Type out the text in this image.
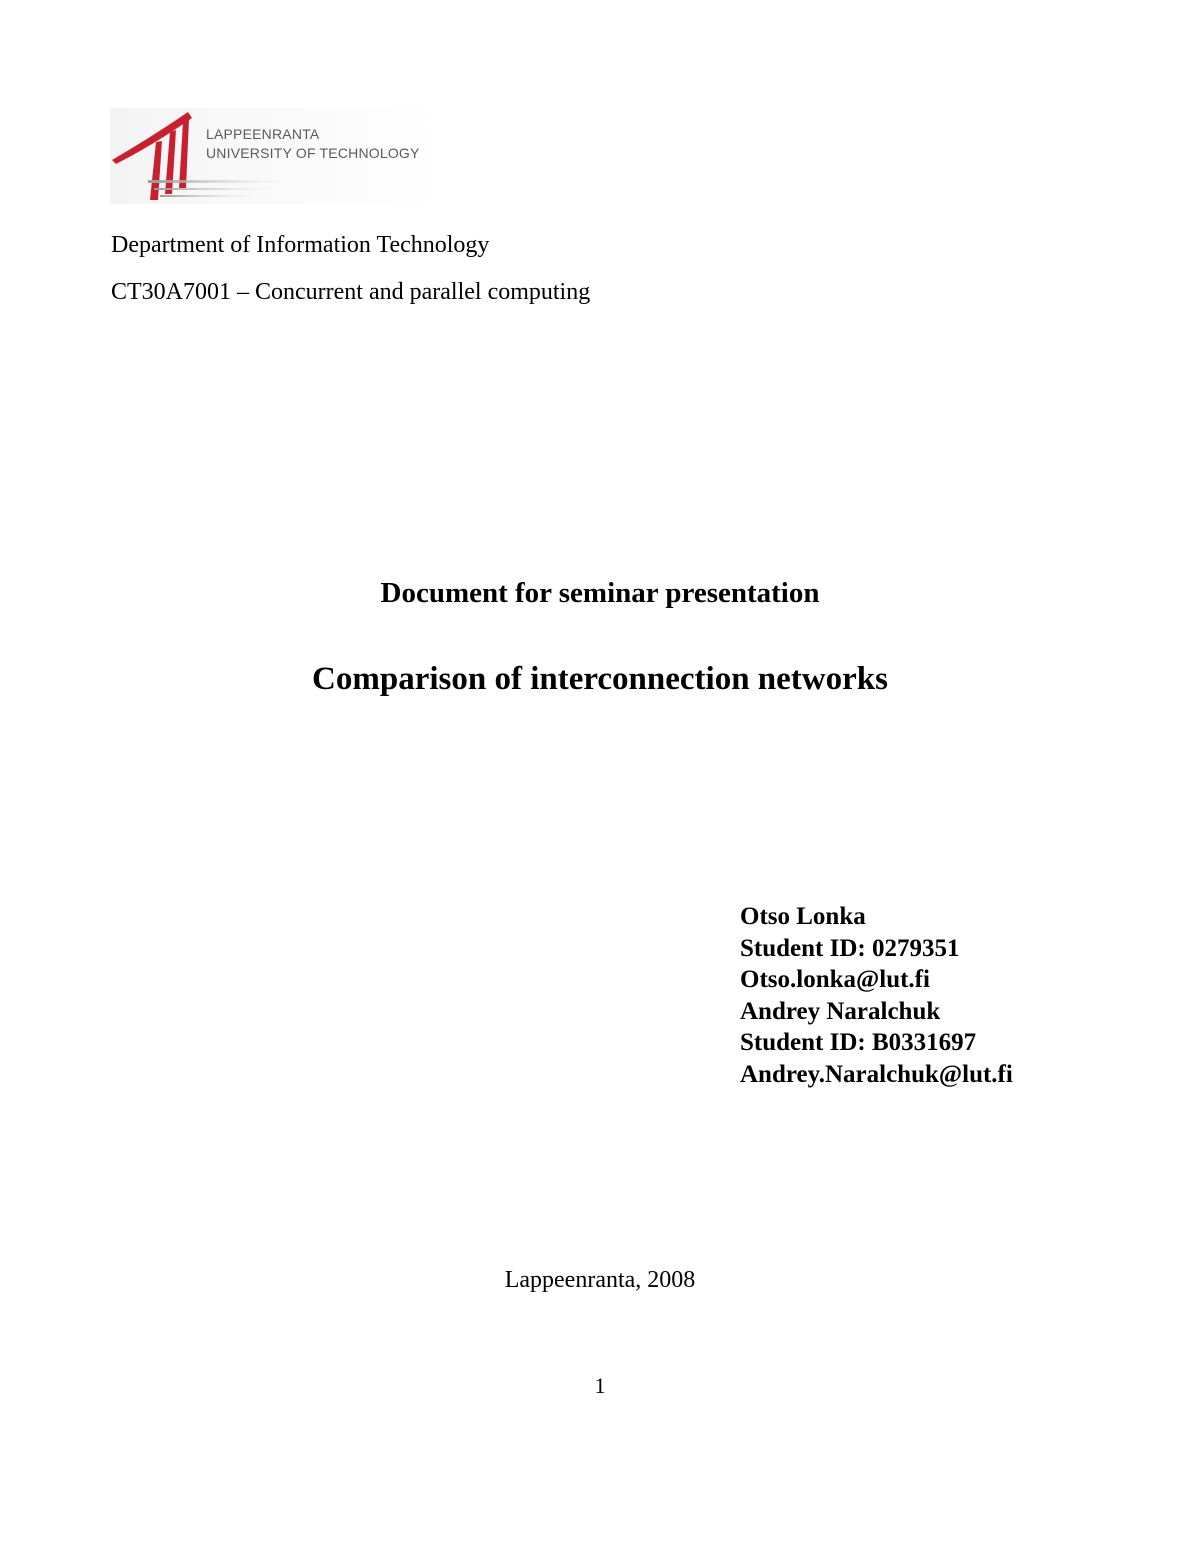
LAPPEENRANTA
UNIVERSITY OF TECHNOLOGY
Department of Information Technology
CT30A7001 – Concurrent and parallel computing
Document for seminar presentation
Comparison of interconnection networks
Otso Lonka
Student ID: 0279351
Otso.lonka@lut.fi
Andrey Naralchuk
Student ID: B0331697
Andrey.Naralchuk@lut.fi
Lappeenranta, 2008
1
